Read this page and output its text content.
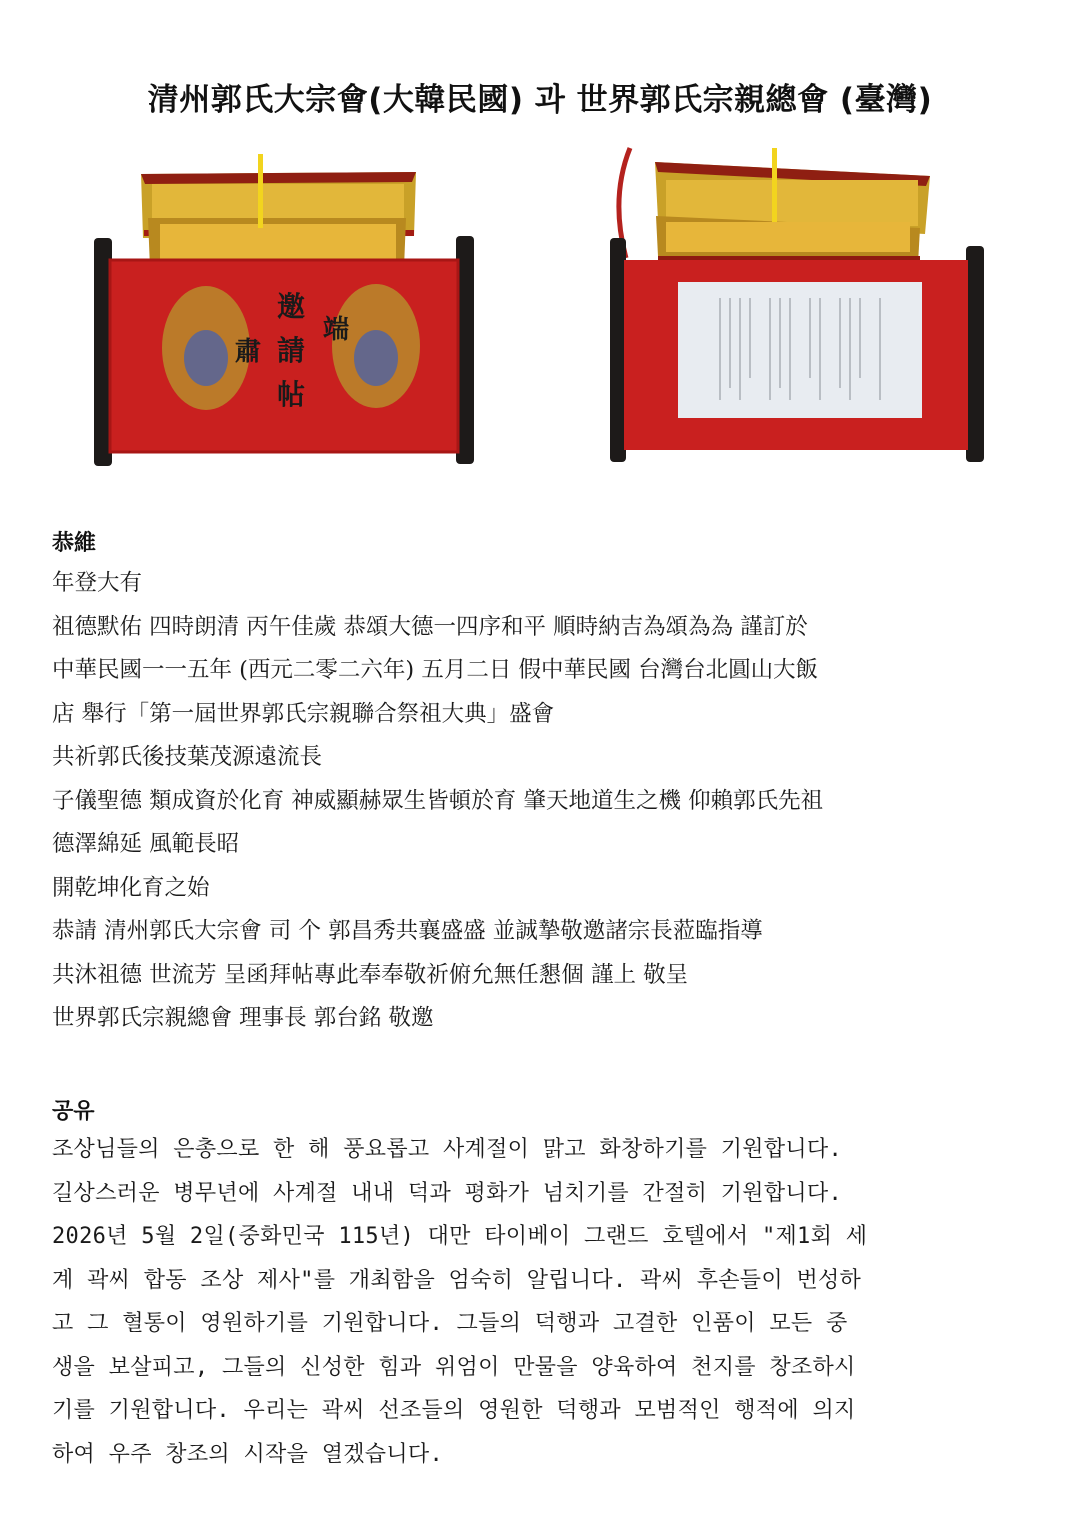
清州郭氏大宗會(大韓民國) 과 世界郭氏宗親總會 (臺灣)
邀
請
帖
端
肅
恭維
年登大有
祖德默佑 四時朗清 丙午佳歲 恭頌大德一四序和平 順時納吉為頌為為 謹訂於
中華民國一一五年 (西元二零二六年) 五月二日 假中華民國 台灣台北圓山大飯
店 舉行「第一屆世界郭氏宗親聯合祭祖大典」盛會
共祈郭氏後技葉茂源遠流長
子儀聖德 類成資於化育 神威顯赫眾生皆頓於育 肇天地道生之機 仰賴郭氏先祖
德澤綿延 風範長昭
開乾坤化育之始
恭請 清州郭氏大宗會 司 个 郭昌秀共襄盛盛 並誠摯敬邀諸宗長蒞臨指導
共沐祖德 世流芳 呈函拜帖專此奉奉敬祈俯允無任懇個 謹上 敬呈
世界郭氏宗親總會 理事長 郭台銘 敬邀
공유
조상님들의 은총으로 한 해 풍요롭고 사계절이 맑고 화창하기를 기원합니다.
길상스러운 병무년에 사계절 내내 덕과 평화가 넘치기를 간절히 기원합니다.
2026년 5월 2일(중화민국 115년) 대만 타이베이 그랜드 호텔에서 "제1회 세
계 곽씨 합동 조상 제사"를 개최함을 엄숙히 알립니다. 곽씨 후손들이 번성하
고 그 혈통이 영원하기를 기원합니다. 그들의 덕행과 고결한 인품이 모든 중
생을 보살피고, 그들의 신성한 힘과 위엄이 만물을 양육하여 천지를 창조하시
기를 기원합니다. 우리는 곽씨 선조들의 영원한 덕행과 모범적인 행적에 의지
하여 우주 창조의 시작을 열겠습니다.
